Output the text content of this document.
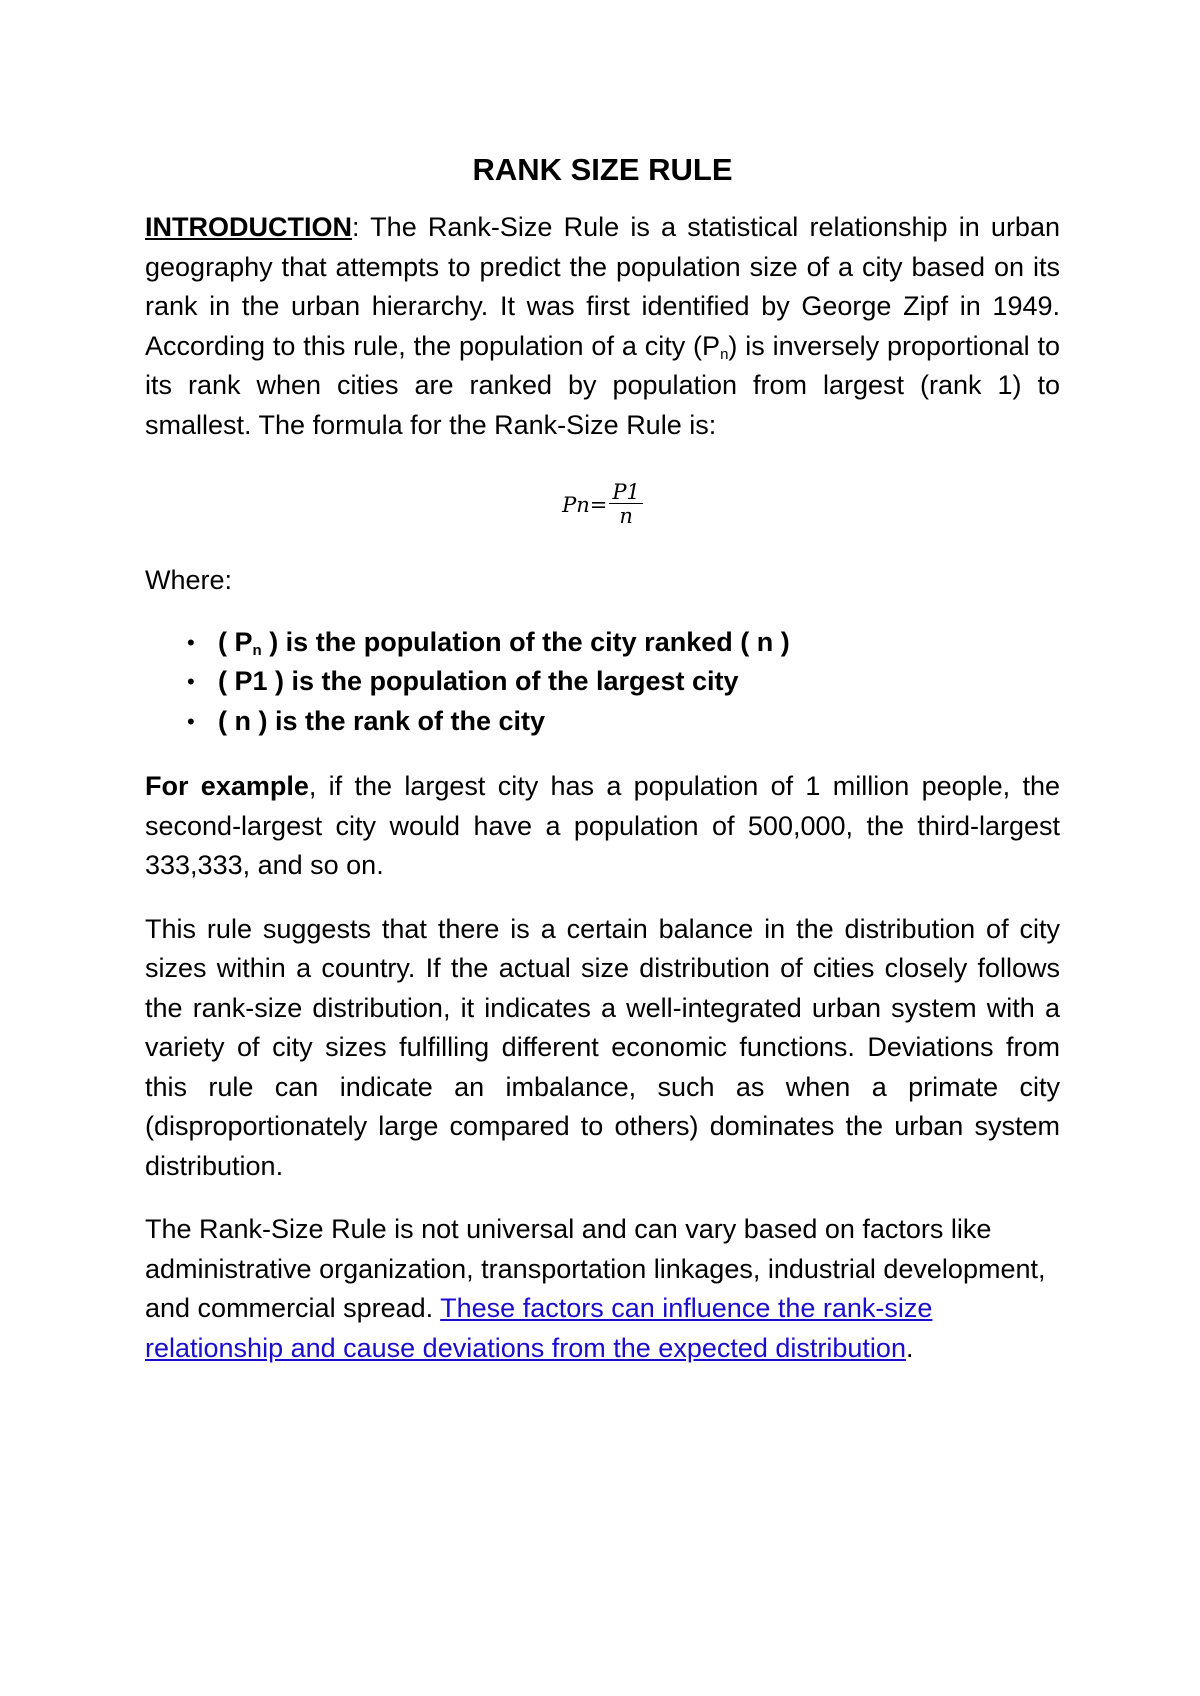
RANK SIZE RULE

INTRODUCTION: The Rank-Size Rule is a statistical relationship in urban geography that attempts to predict the population size of a city based on its rank in the urban hierarchy. It was first identified by George Zipf in 1949. According to this rule, the population of a city $(P_n)$ is inversely proportional to its rank when cities are ranked by population from largest (rank 1) to smallest. The formula for the Rank-Size Rule is:

$Pn= \frac{P1}{n}$

Where:

• ( $P_n$ ) is the population of the city ranked ( n )
• ( P1 ) is the population of the largest city
• ( n ) is the rank of the city

For example, if the largest city has a population of 1 million people, the second-largest city would have a population of 500,000, the third-largest 333,333, and so on.

This rule suggests that there is a certain balance in the distribution of city sizes within a country. If the actual size distribution of cities closely follows the rank-size distribution, it indicates a well-integrated urban system with a variety of city sizes fulfilling different economic functions. Deviations from this rule can indicate an imbalance, such as when a primate city (disproportionately large compared to others) dominates the urban system distribution.

The Rank-Size Rule is not universal and can vary based on factors like administrative organization, transportation linkages, industrial development, and commercial spread. These factors can influence the rank-size relationship and cause deviations from the expected distribution.
